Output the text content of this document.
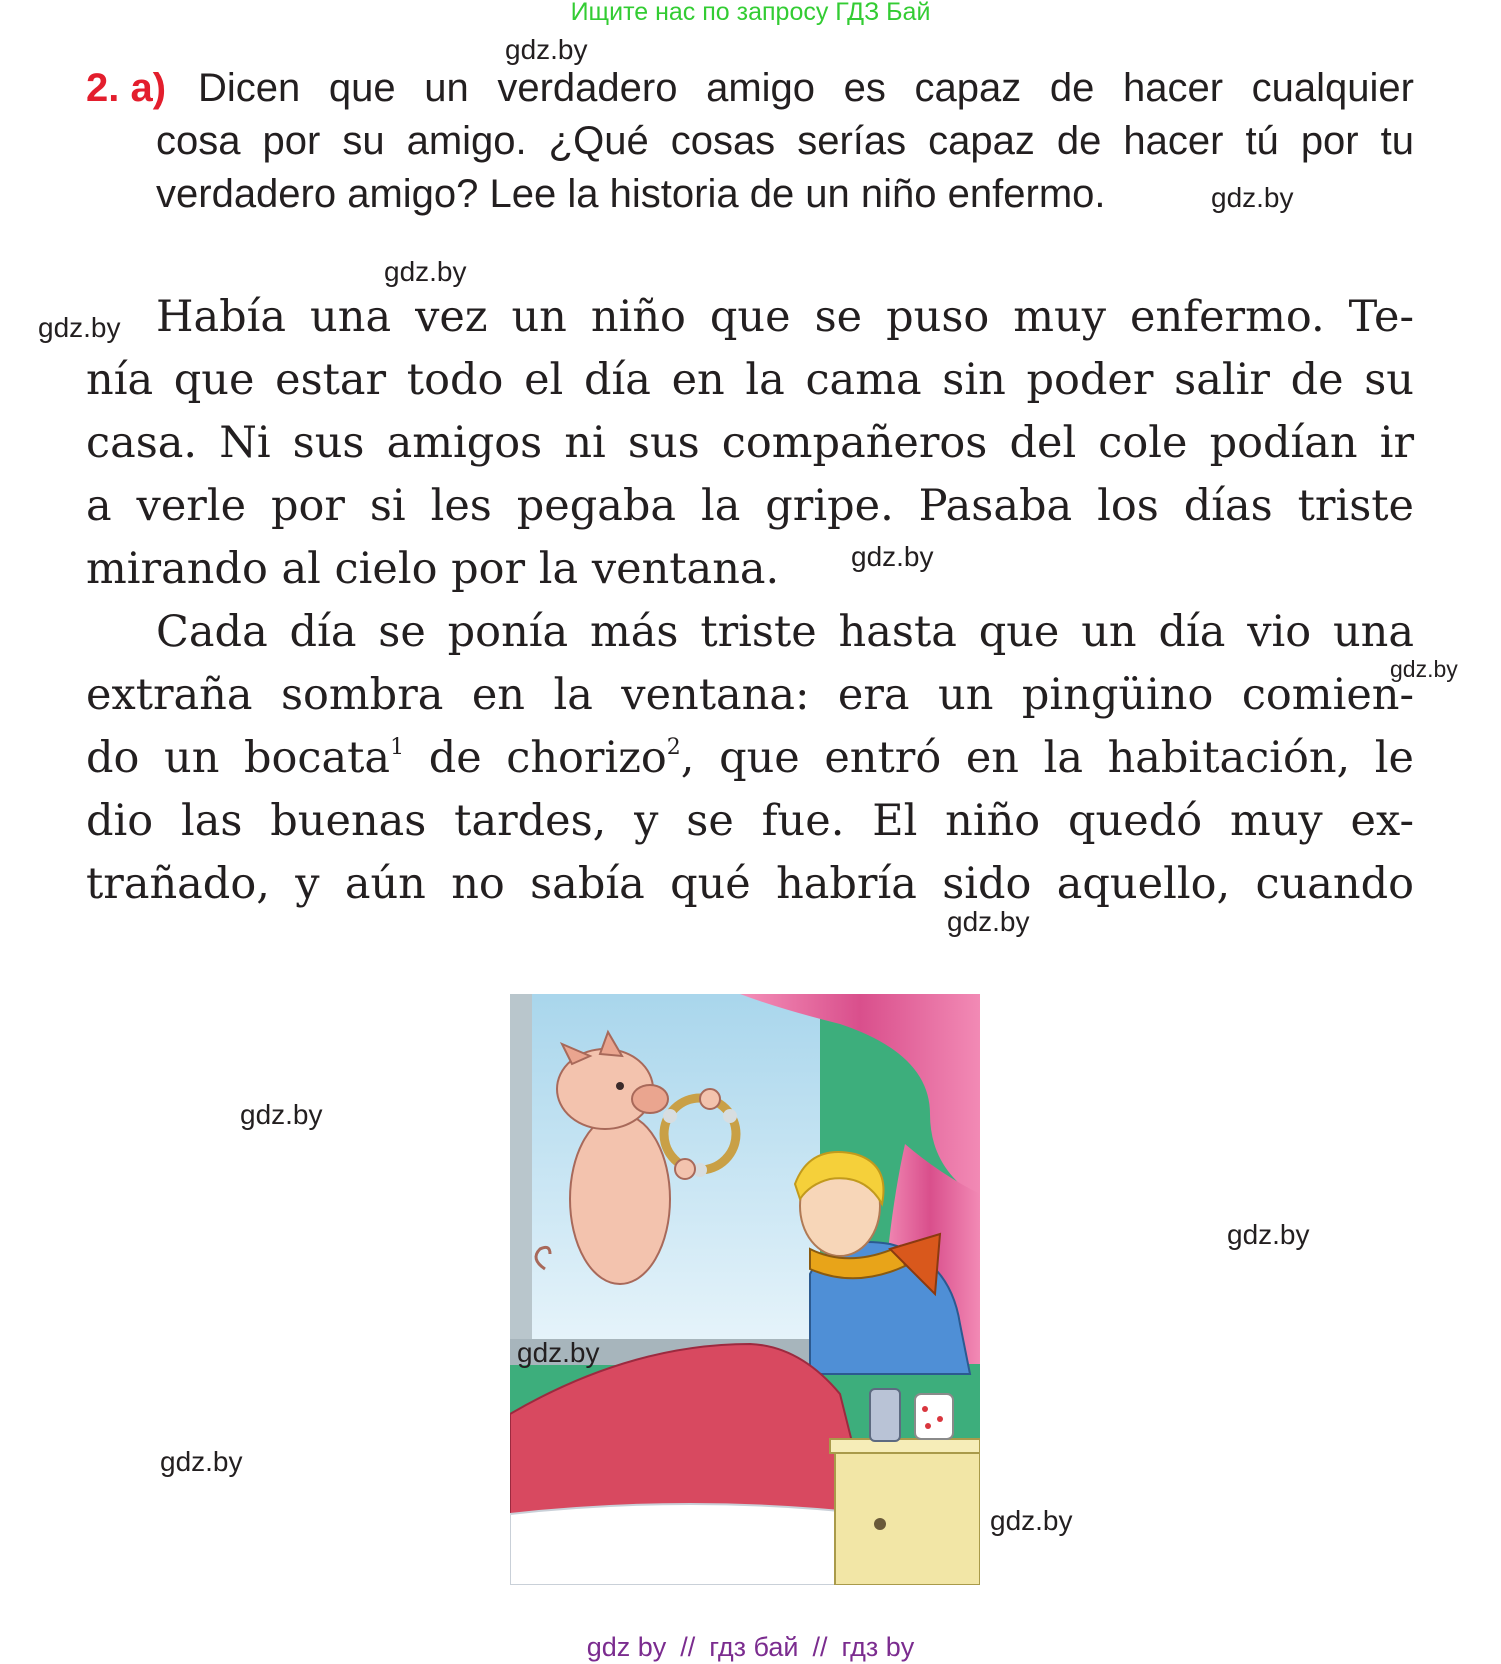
Ищите нас по запросу ГДЗ Бай
gdz.by
gdz.by
gdz.by
gdz.by
gdz.by
gdz.by
gdz.by
gdz.by
gdz.by
gdz.by
gdz.by
2. a) Dicen que un verdadero amigo es capaz de hacer cualquier
cosa por su amigo. ¿Qué cosas serías capaz de hacer tú por tu
verdadero amigo? Lee la historia de un niño enfermo.
Había una vez un niño que se puso muy enfermo. Te-
nía que estar todo el día en la cama sin poder salir de su
casa. Ni sus amigos ni sus compañeros del cole podían ir
a verle por si les pegaba la gripe. Pasaba los días triste
mirando al cielo por la ventana.
Cada día se ponía más triste hasta que un día vio una
extraña sombra en la ventana: era un pingüino comien-
do un bocata$^1$ de chorizo$^2$, que entró en la habitación, le
dio las buenas tardes, y se fue. El niño quedó muy ex-
trañado, y aún no sabía qué habría sido aquello, cuando
gdz.by
gdz by // гдз бай // гдз by
